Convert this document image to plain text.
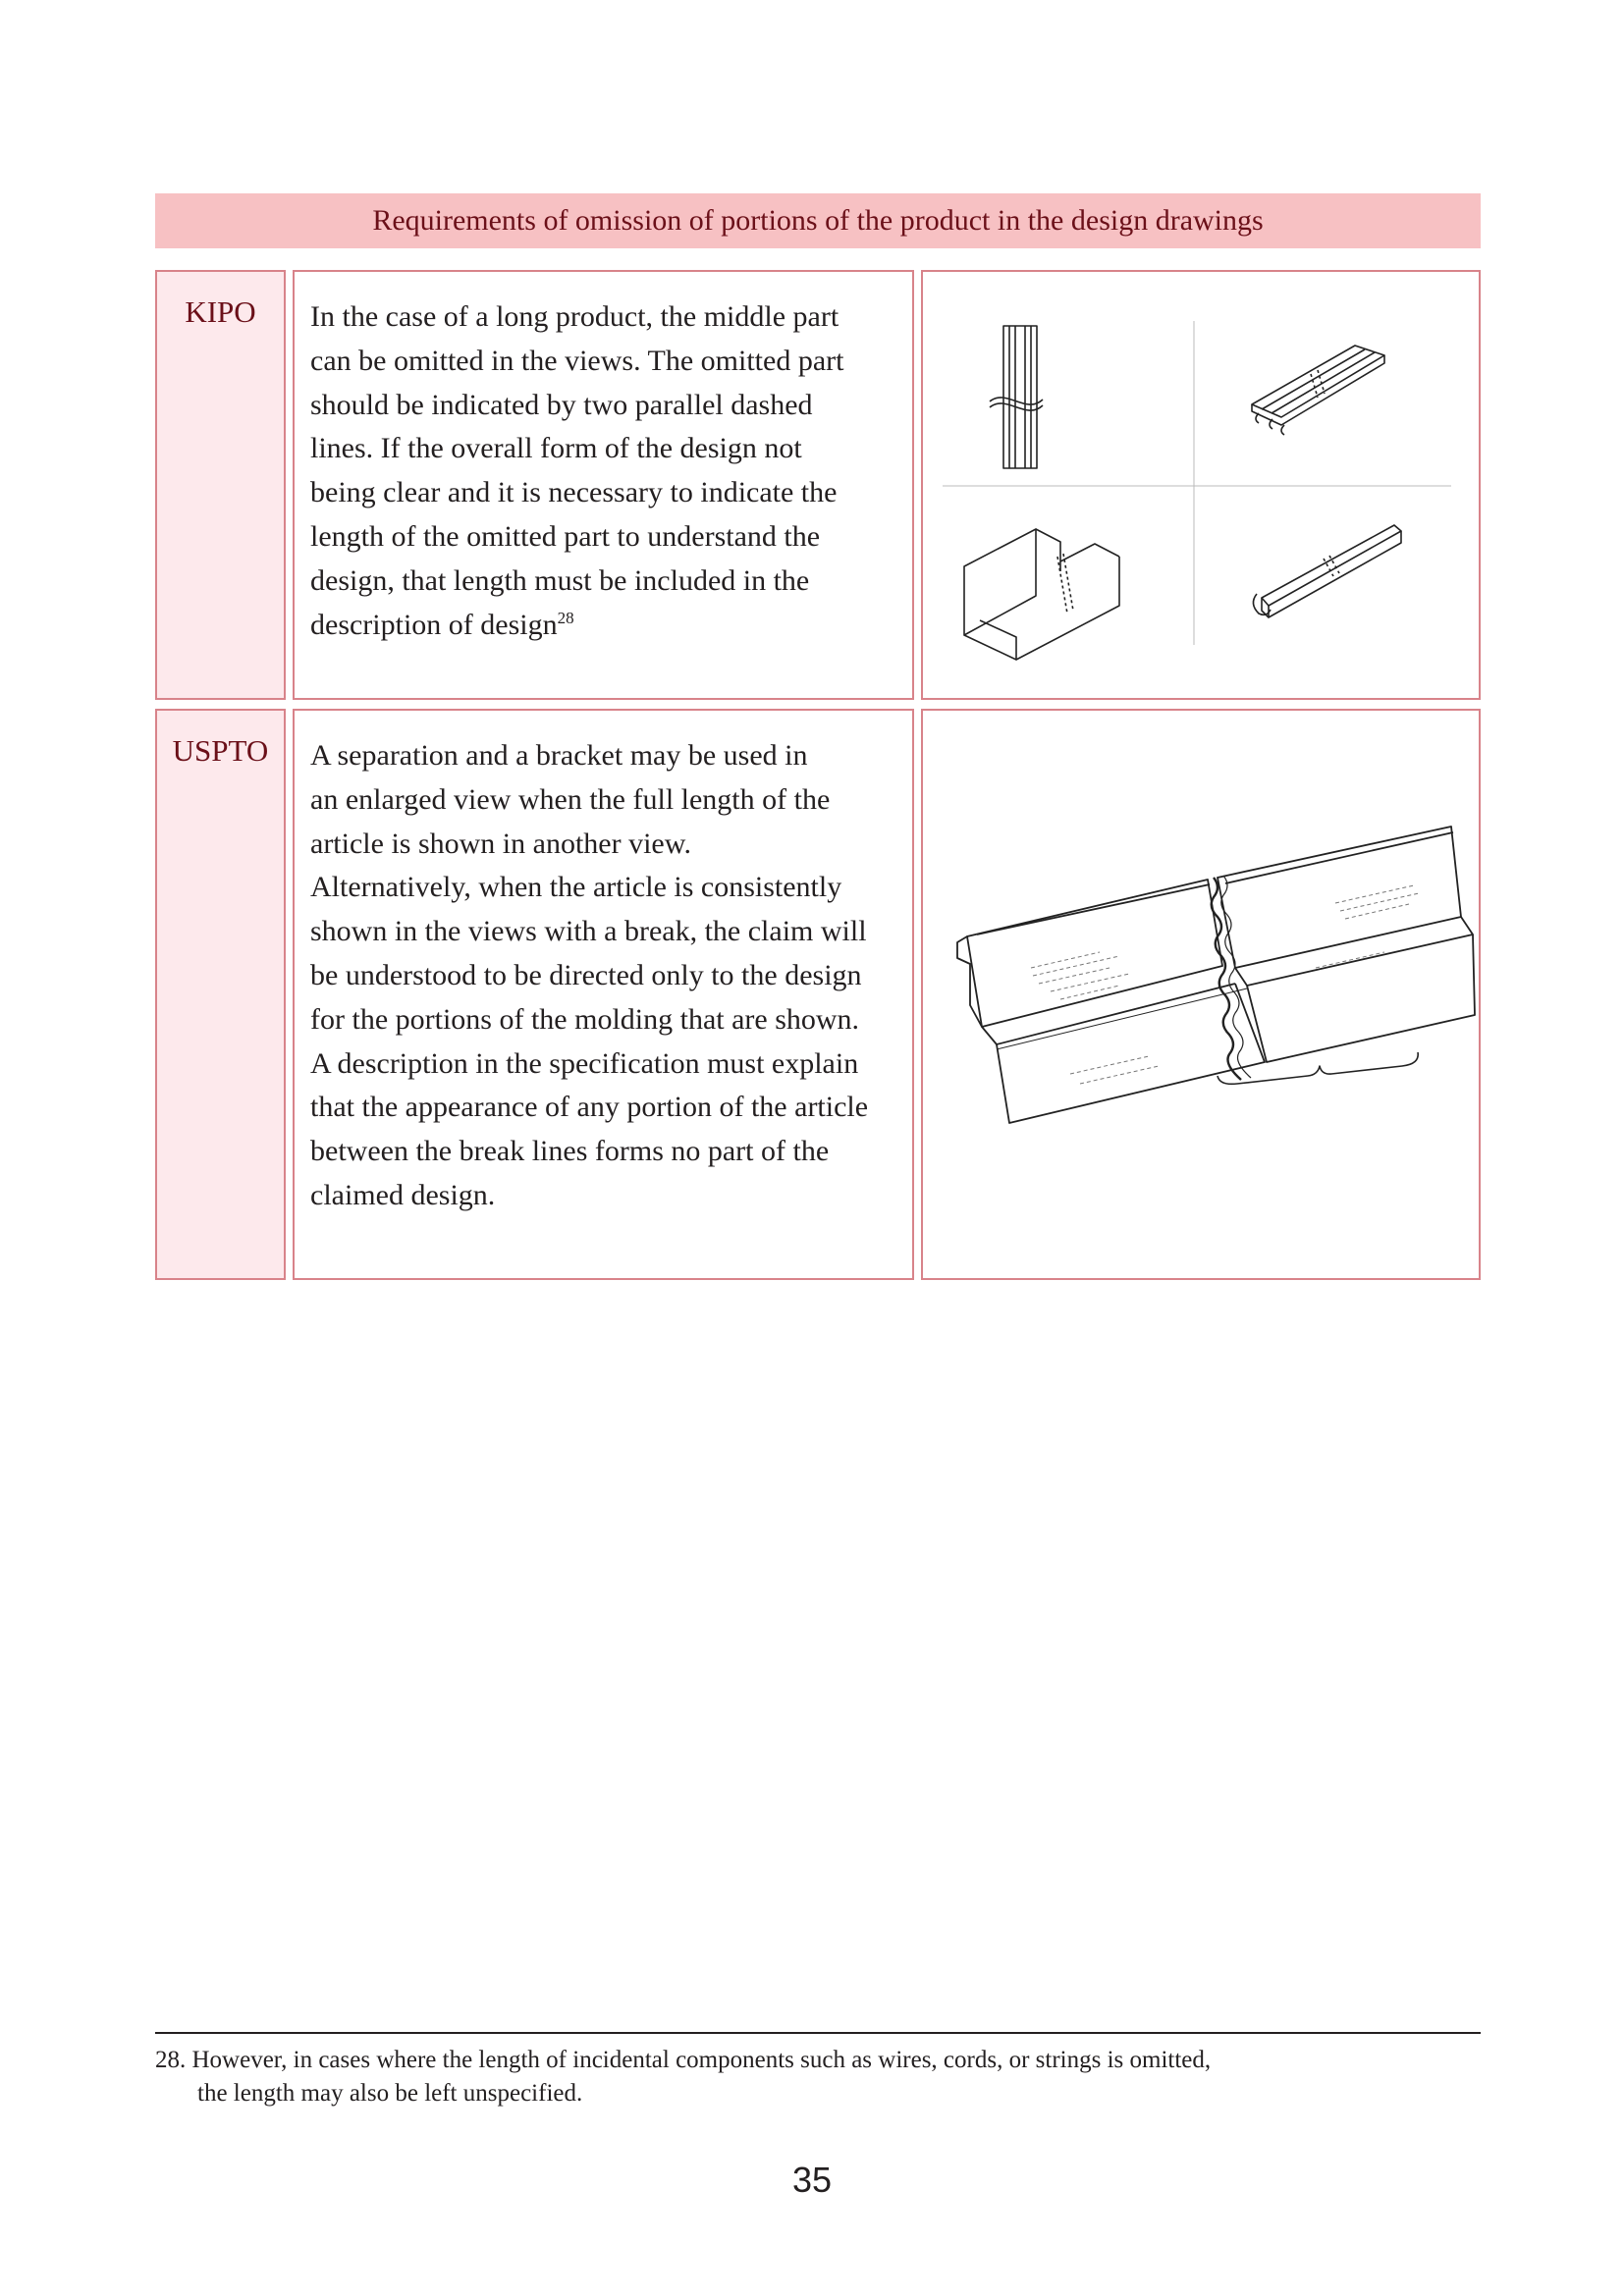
Requirements of omission of portions of the product in the design drawings
KIPO	In the case of a long product, the middle part

can be omitted in the views. The omitted part

should be indicated by two parallel dashed

lines. If the overall form of the design not

being clear and it is necessary to indicate the

length of the omitted part to understand the

design, that length must be included in the

description of design$^{28}$

USPTO	A separation and a bracket may be used in

an enlarged view when the full length of the

article is shown in another view.

Alternatively, when the article is consistently

shown in the views with a break, the claim will

be understood to be directed only to the design

for the portions of the molding that are shown.

A description in the specification must explain

that the appearance of any portion of the article

between the break lines forms no part of the

claimed design.

28. However, in cases where the length of incidental components such as wires, cords, or strings is omitted,
the length may also be left unspecified.
35
